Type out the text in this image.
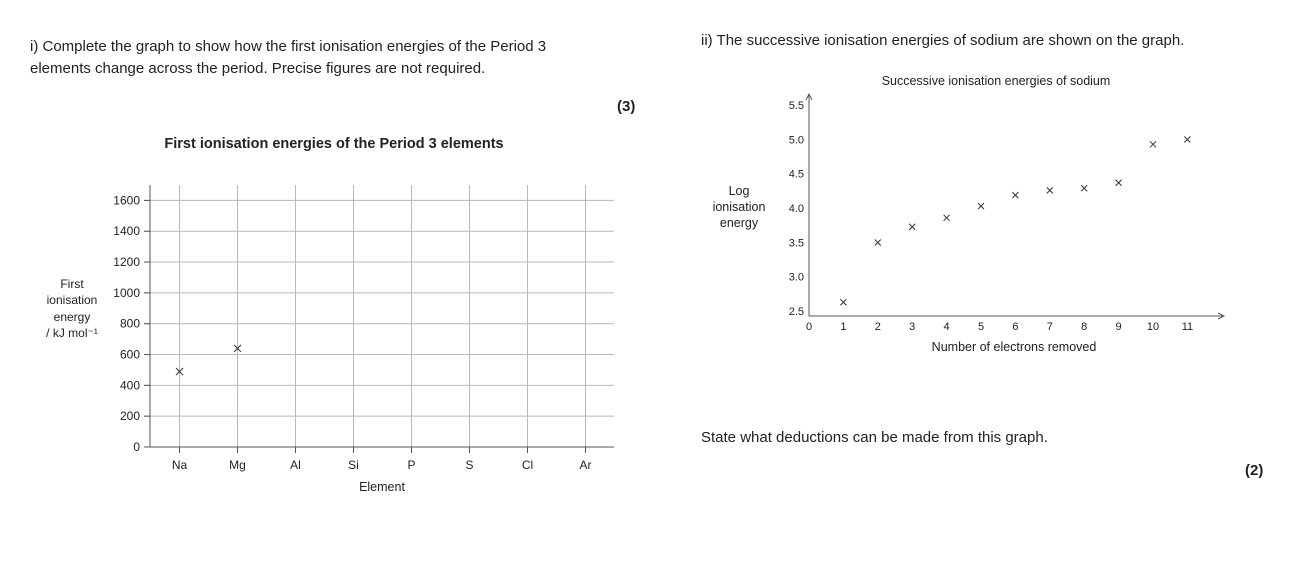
i) Complete the graph to show how the first ionisation energies of the Period 3
elements change across the period. Precise figures are not required.

(3)

ii) The successive ionisation energies of sodium are shown on the graph.

State what deductions can be made from this graph.

(2)
First ionisation energies of the Period 3 elements
0
200
400
600
800
1000
1200
1400
1600
Na	Mg	Al	Si	P	S	Cl	Ar
First
ionisation
energy
/ kJ mol⁻¹
Element
Successive ionisation energies of sodium
2.5
3.0
3.5
4.0
4.5
5.0
5.5
0	1	2	3	4	5	6	7	8	9 10 11
Log
ionisation
energy
Number of electrons removed
